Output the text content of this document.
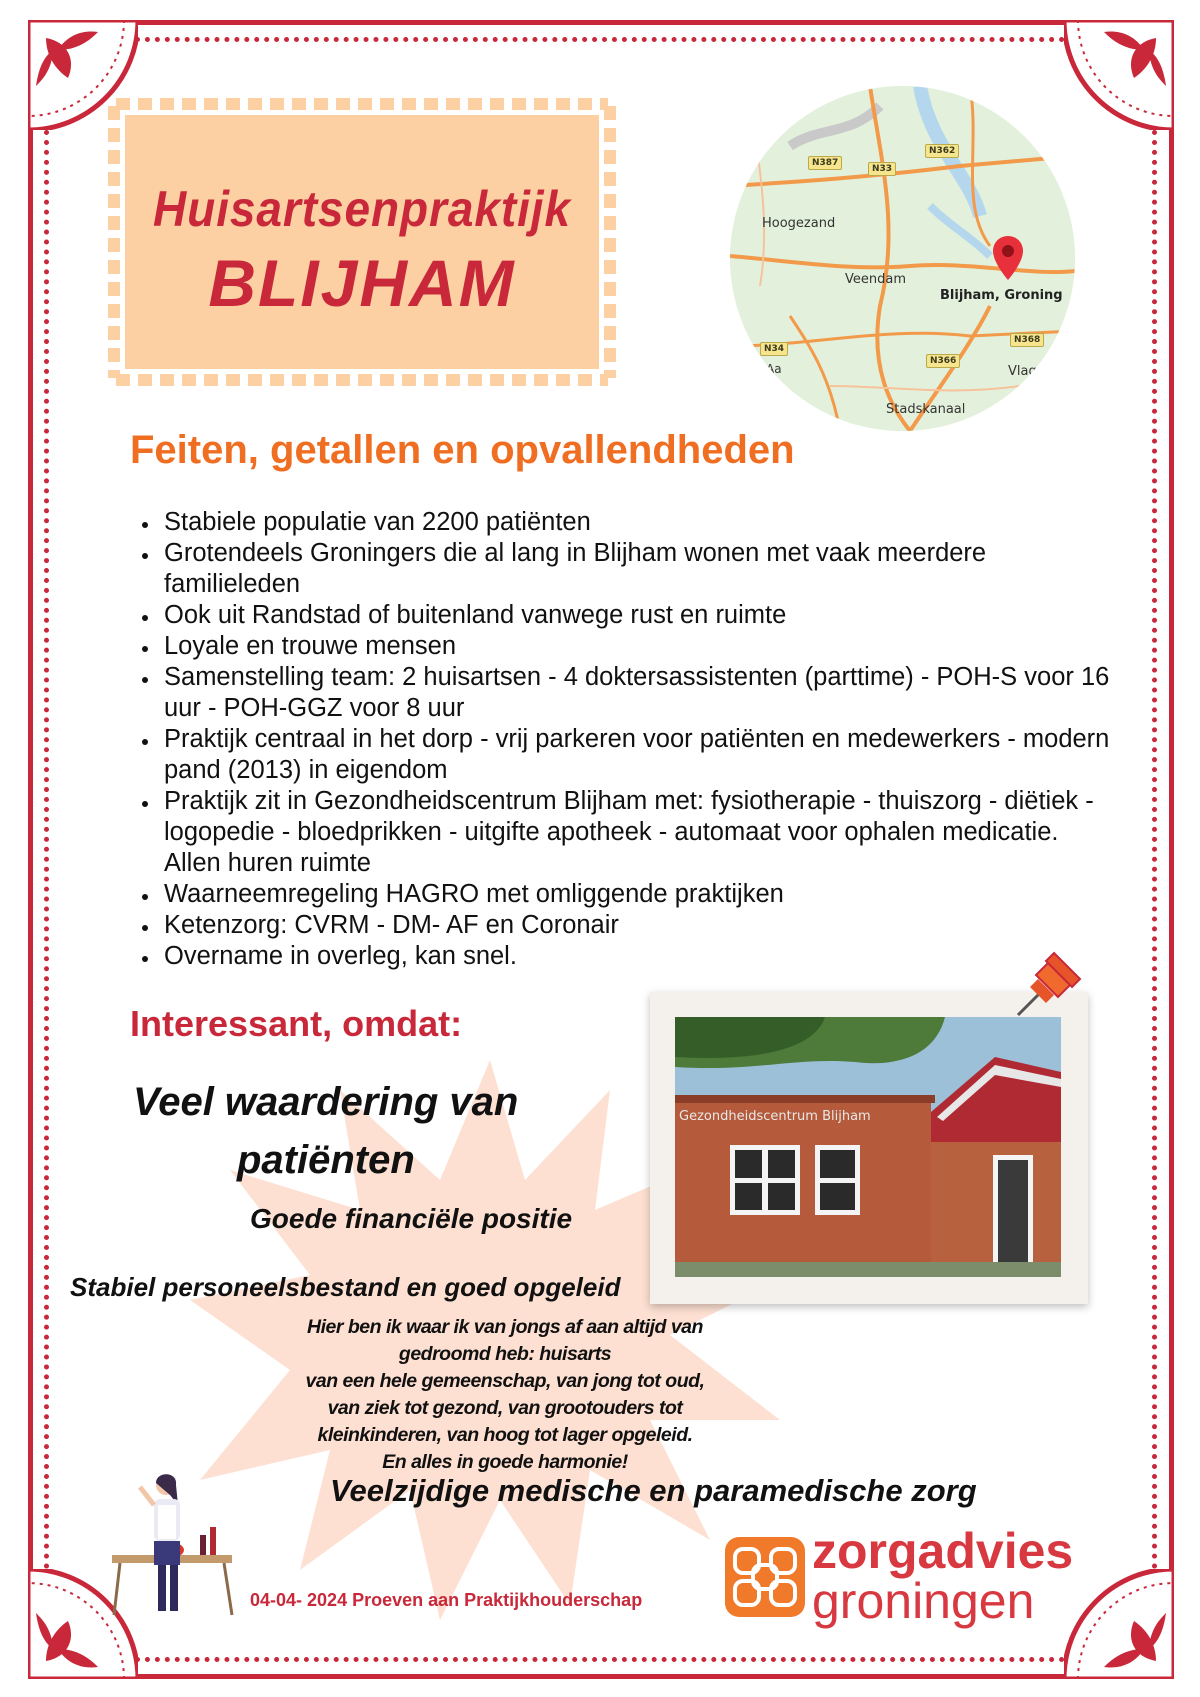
Huisartsenpraktijk
BLIJHAM
N387
N33
N362
N34
N366
N368
Hoogezand
Veendam
Blijham, Groning
Vlagt
Stadskanaal
Aa
Feiten, getallen en opvallendheden
• Stabiele populatie van 2200 patiënten
• Grotendeels Groningers die al lang in Blijham wonen met vaak meerdere familieleden
• Ook uit Randstad of buitenland vanwege rust en ruimte
• Loyale en trouwe mensen
• Samenstelling team: 2 huisartsen - 4 doktersassistenten (parttime) - POH-S voor 16 uur - POH-GGZ voor 8 uur
• Praktijk centraal in het dorp - vrij parkeren voor patiënten en medewerkers - modern pand (2013) in eigendom
• Praktijk zit in Gezondheidscentrum Blijham met: fysiotherapie - thuiszorg - diëtiek - logopedie - bloedprikken - uitgifte apotheek - automaat voor ophalen medicatie. Allen huren ruimte
• Waarneemregeling HAGRO met omliggende praktijken
• Ketenzorg: CVRM - DM- AF en Coronair
• Overname in overleg, kan snel.
Interessant, omdat:
Veel waardering van
patiënten
Goede financiële positie
Stabiel personeelsbestand en goed opgeleid
Hier ben ik waar ik van jongs af aan altijd van gedroomd heb: huisarts
van een hele gemeenschap, van jong tot oud,
van ziek tot gezond, van grootouders tot
kleinkinderen, van hoog tot lager opgeleid.
En alles in goede harmonie!
Veelzijdige medische en paramedische zorg
Gezondheidscentrum Blijham
04-04- 2024 Proeven aan Praktijkhouderschap
zorgadvies
groningen
